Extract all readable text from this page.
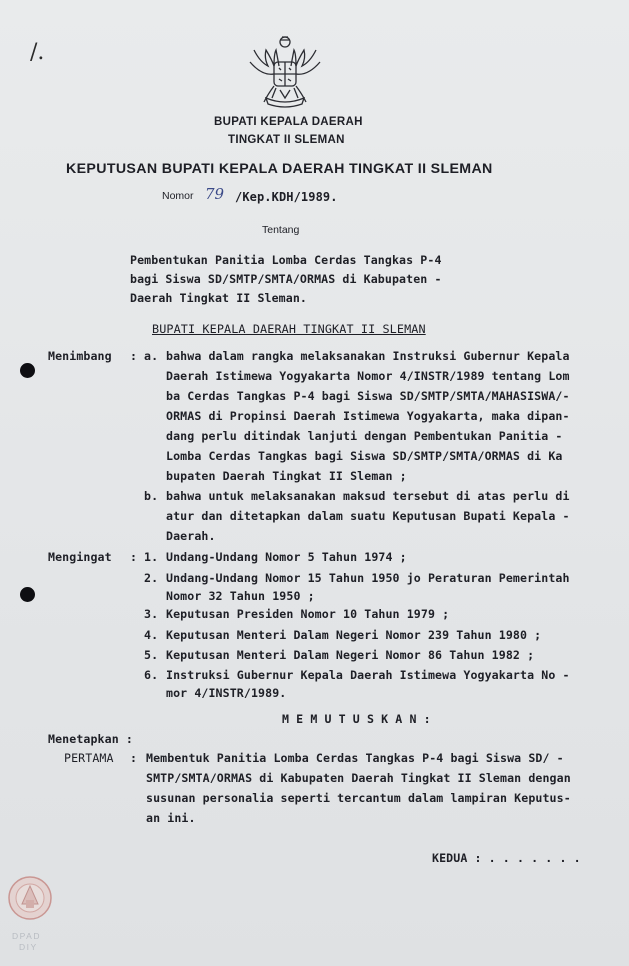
/.
BUPATI KEPALA DAERAH
TINGKAT II SLEMAN
KEPUTUSAN BUPATI KEPALA DAERAH TINGKAT II SLEMAN
Nomor 79 /Kep.KDH/1989.
Tentang
Pembentukan Panitia Lomba Cerdas Tangkas P-4
bagi Siswa SD/SMTP/SMTA/ORMAS di Kabupaten -
Daerah Tingkat II Sleman.
BUPATI KEPALA DAERAH TINGKAT II SLEMAN
Menimbang : a. bahwa dalam rangka melaksanakan Instruksi Gubernur Kepala
Daerah Istimewa Yogyakarta Nomor 4/INSTR/1989 tentang Lom
ba Cerdas Tangkas P-4 bagi Siswa SD/SMTP/SMTA/MAHASISWA/-
ORMAS di Propinsi Daerah Istimewa Yogyakarta, maka dipan-
dang perlu ditindak lanjuti dengan Pembentukan Panitia -
Lomba Cerdas Tangkas bagi Siswa SD/SMTP/SMTA/ORMAS di Ka
bupaten Daerah Tingkat II Sleman ;
b. bahwa untuk melaksanakan maksud tersebut di atas perlu di
atur dan ditetapkan dalam suatu Keputusan Bupati Kepala -
Daerah.
Mengingat : 1. Undang-Undang Nomor 5 Tahun 1974 ;
2. Undang-Undang Nomor 15 Tahun 1950 jo Peraturan Pemerintah
Nomor 32 Tahun 1950 ;
3. Keputusan Presiden Nomor 10 Tahun 1979 ;
4. Keputusan Menteri Dalam Negeri Nomor 239 Tahun 1980 ;
5. Keputusan Menteri Dalam Negeri Nomor 86 Tahun 1982 ;
6. Instruksi Gubernur Kepala Daerah Istimewa Yogyakarta No -
mor 4/INSTR/1989.
M E M U T U S K A N :
Menetapkan :
PERTAMA : Membentuk Panitia Lomba Cerdas Tangkas P-4 bagi Siswa SD/ -
SMTP/SMTA/ORMAS di Kabupaten Daerah Tingkat II Sleman dengan
susunan personalia seperti tercantum dalam lampiran Keputus-
an ini.
KEDUA : . . . . . . .
DPAD
DIY
